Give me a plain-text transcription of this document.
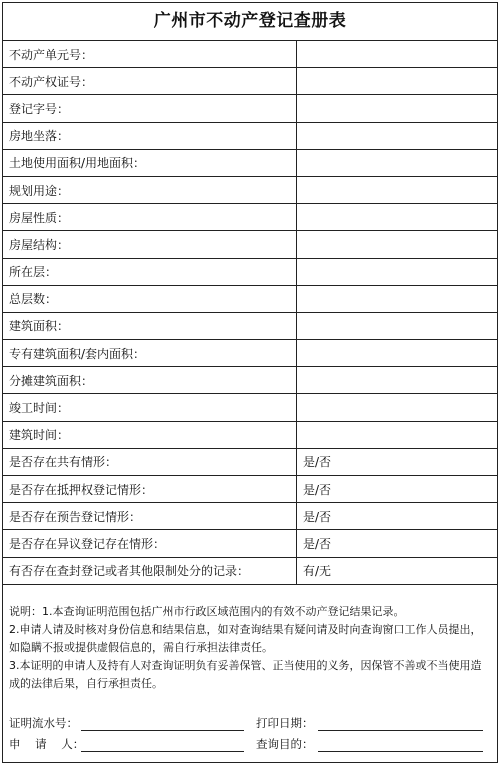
广州市不动产登记查册表
不动产单元号：	
不动产权证号：	
登记字号：	
房地坐落：	
土地使用面积/用地面积：	
规划用途：	
房屋性质：	
房屋结构：	
所在层：	
总层数：	
建筑面积：	
专有建筑面积/套内面积：	
分摊建筑面积：	
竣工时间：	
建筑时间：	
是否存在共有情形：	是/否
是否存在抵押权登记情形：	是/否
是否存在预告登记情形：	是/否
是否存在异议登记存在情形：	是/否
有否存在查封登记或者其他限制处分的记录：	有/无

说明：1.本查询证明范围包括广州市行政区域范围内的有效不动产登记结果记录。

2.申请人请及时核对身份信息和结果信息，如对查询结果有疑问请及时向查询窗口工作人员提出，如隐瞒不报或提供虚假信息的，需自行承担法律责任。

3.本证明的申请人及持有人对查询证明负有妥善保管、正当使用的义务，因保管不善或不当使用造成的法律后果，自行承担责任。

证明流水号：	打印日期：
申    请    人：	查询目的：
